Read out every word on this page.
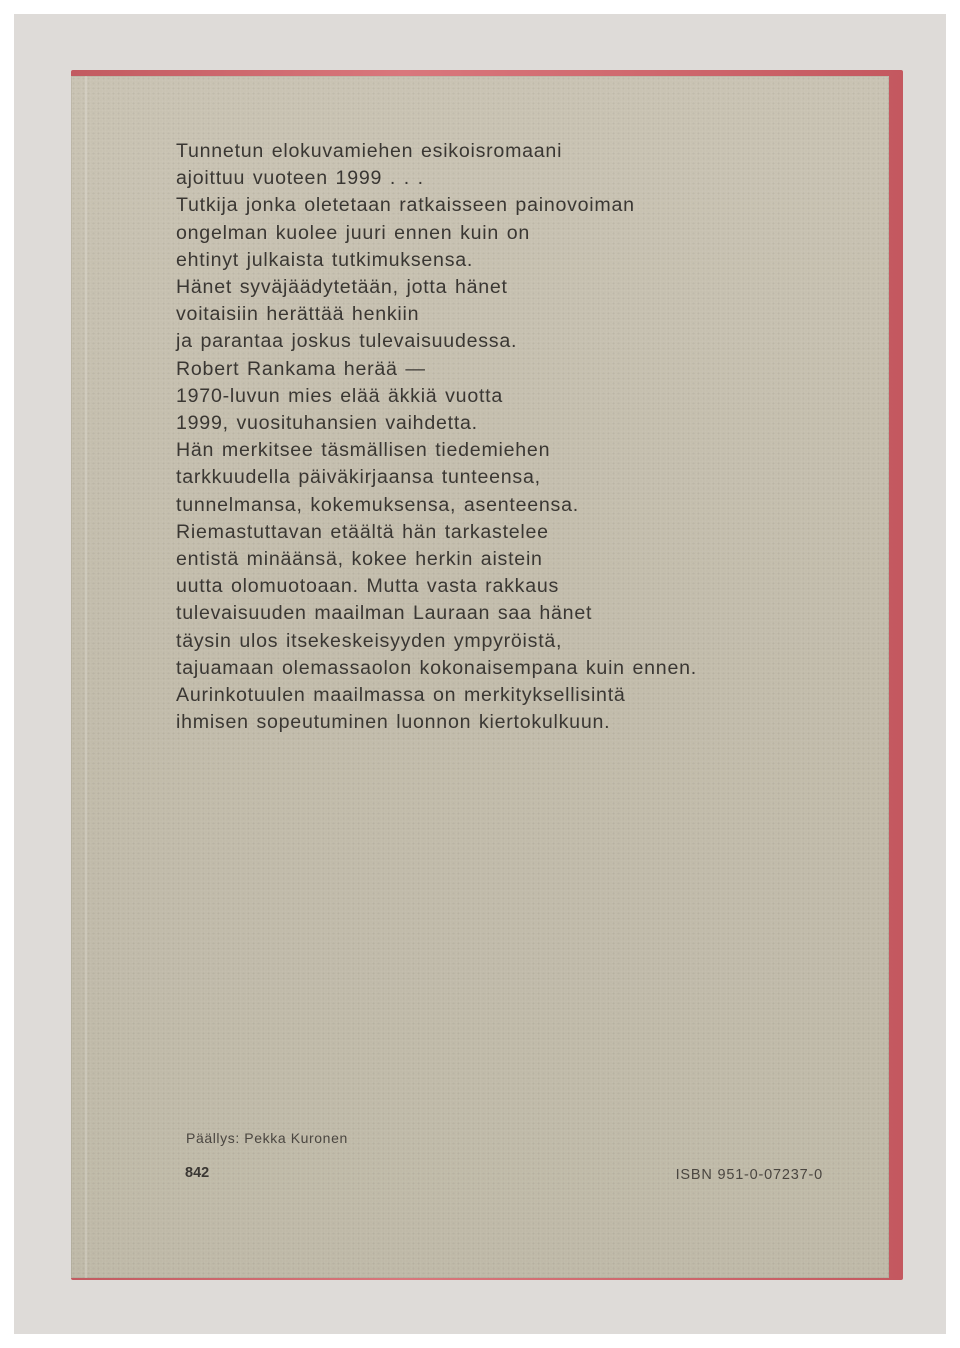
Tunnetun elokuvamiehen esikoisromaani
ajoittuu vuoteen 1999 . . .
Tutkija jonka oletetaan ratkaisseen painovoiman
ongelman kuolee juuri ennen kuin on
ehtinyt julkaista tutkimuksensa.
Hänet syväjäädytetään, jotta hänet
voitaisiin herättää henkiin
ja parantaa joskus tulevaisuudessa.
Robert Rankama herää —
1970-luvun mies elää äkkiä vuotta
1999, vuosituhansien vaihdetta.
Hän merkitsee täsmällisen tiedemiehen
tarkkuudella päiväkirjaansa tunteensa,
tunnelmansa, kokemuksensa, asenteensa.
Riemastuttavan etäältä hän tarkastelee
entistä minäänsä, kokee herkin aistein
uutta olomuotoaan. Mutta vasta rakkaus
tulevaisuuden maailman Lauraan saa hänet
täysin ulos itsekeskeisyyden ympyröistä,
tajuamaan olemassaolon kokonaisempana kuin ennen.
Aurinkotuulen maailmassa on merkityksellisintä
ihmisen sopeutuminen luonnon kiertokulkuun.
Päällys: Pekka Kuronen
842	ISBN 951-0-07237-0
